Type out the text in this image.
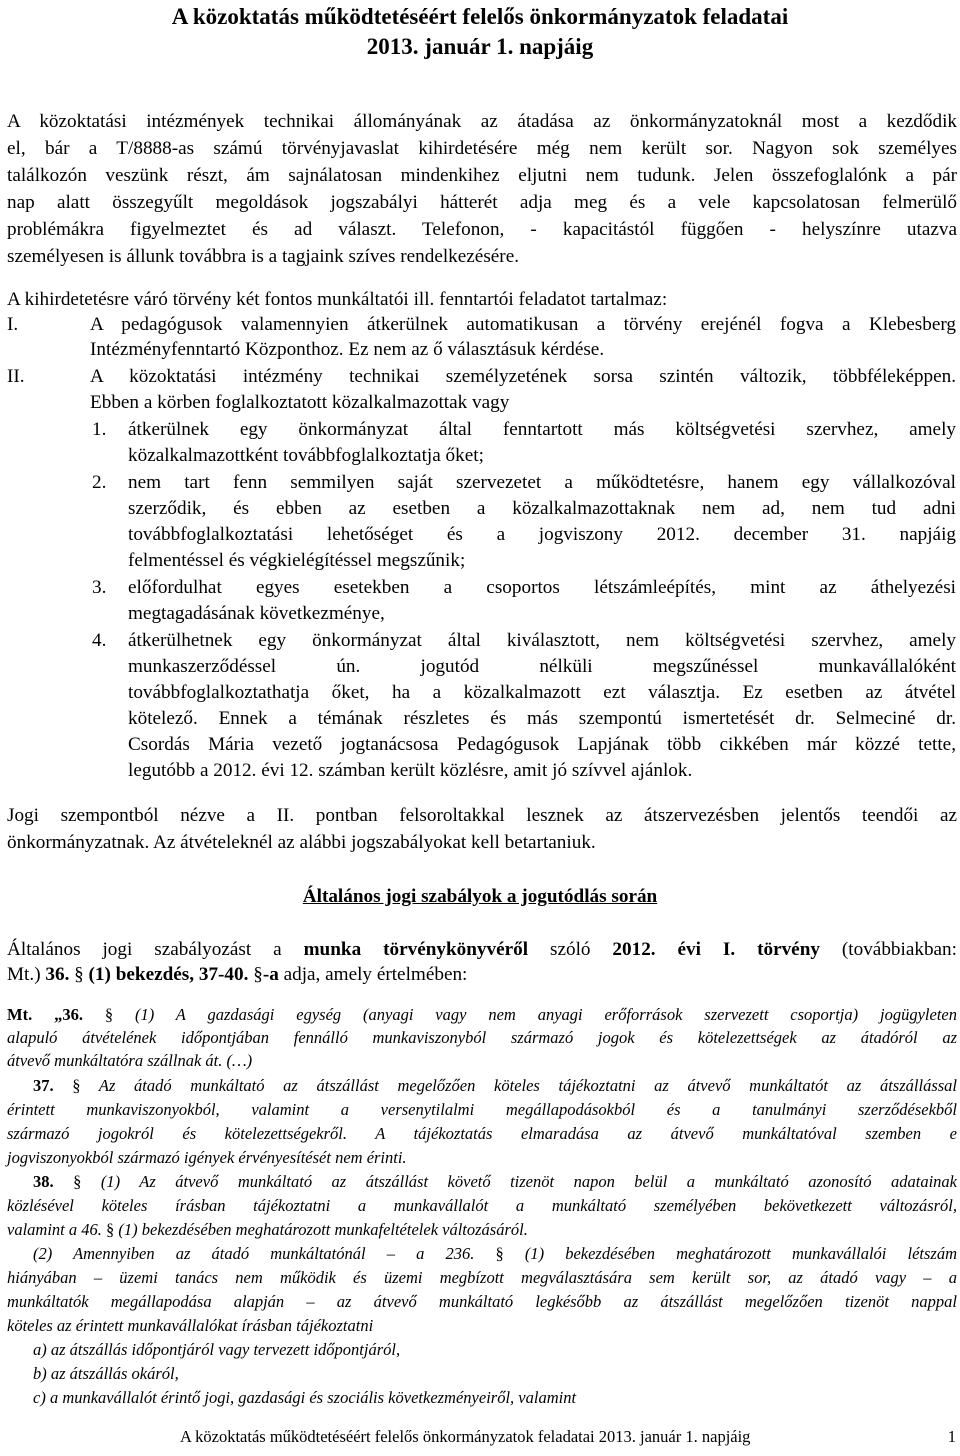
A közoktatás működtetéséért felelős önkormányzatok feladatai
2013. január 1. napjáig
A közoktatási intézmények technikai állományának az átadása az önkormányzatoknál most a kezdődik
el, bár a T/8888-as számú törvényjavaslat kihirdetésére még nem került sor. Nagyon sok személyes
találkozón veszünk részt, ám sajnálatosan mindenkihez eljutni nem tudunk. Jelen összefoglalónk a pár
nap alatt összegyűlt megoldások jogszabályi hátterét adja meg és a vele kapcsolatosan felmerülő
problémákra figyelmeztet és ad választ. Telefonon, - kapacitástól függően - helyszínre utazva
személyesen is állunk továbbra is a tagjaink szíves rendelkezésére.
A kihirdetetésre váró törvény két fontos munkáltatói ill. fenntartói feladatot tartalmaz:
I.	A pedagógusok valamennyien átkerülnek automatikusan a törvény erejénél fogva a Klebesberg
Intézményfenntartó Központhoz. Ez nem az ő választásuk kérdése.
II.	A közoktatási intézmény technikai személyzetének sorsa szintén változik, többféleképpen.
Ebben a körben foglalkoztatott közalkalmazottak vagy
1. átkerülnek egy önkormányzat által fenntartott más költségvetési szervhez, amely
közalkalmazottként továbbfoglalkoztatja őket;
2. nem tart fenn semmilyen saját szervezetet a működtetésre, hanem egy vállalkozóval
szerződik, és ebben az esetben a közalkalmazottaknak nem ad, nem tud adni
továbbfoglalkoztatási lehetőséget és a jogviszony 2012. december 31. napjáig
felmentéssel és végkielégítéssel megszűnik;
3. előfordulhat egyes esetekben a csoportos létszámleépítés, mint az áthelyezési
megtagadásának következménye,
4. átkerülhetnek egy önkormányzat által kiválasztott, nem költségvetési szervhez, amely
munkaszerződéssel ún. jogutód nélküli megszűnéssel munkavállalóként
továbbfoglalkoztathatja őket, ha a közalkalmazott ezt választja. Ez esetben az átvétel
kötelező. Ennek a témának részletes és más szempontú ismertetését dr. Selmeciné dr.
Csordás Mária vezető jogtanácsosa Pedagógusok Lapjának több cikkében már közzé tette,
legutóbb a 2012. évi 12. számban került közlésre, amit jó szívvel ajánlok.
Jogi szempontból nézve a II. pontban felsoroltakkal lesznek az átszervezésben jelentős teendői az
önkormányzatnak. Az átvételeknél az alábbi jogszabályokat kell betartaniuk.
Általános jogi szabályok a jogutódlás során
Általános jogi szabályozást a munka törvénykönyvéről szóló 2012. évi I. törvény (továbbiakban:
Mt.) 36. § (1) bekezdés, 37-40. §-a adja, amely értelmében:
Mt. „36. § (1) A gazdasági egység (anyagi vagy nem anyagi erőforrások szervezett csoportja) jogügyleten
alapuló átvételének időpontjában fennálló munkaviszonyból származó jogok és kötelezettségek az átadóról az
átvevő munkáltatóra szállnak át. (…)
37. § Az átadó munkáltató az átszállást megelőzően köteles tájékoztatni az átvevő munkáltatót az átszállással
érintett munkaviszonyokból, valamint a versenytilalmi megállapodásokból és a tanulmányi szerződésekből
származó jogokról és kötelezettségekről. A tájékoztatás elmaradása az átvevő munkáltatóval szemben e
jogviszonyokból származó igények érvényesítését nem érinti.
38. § (1) Az átvevő munkáltató az átszállást követő tizenöt napon belül a munkáltató azonosító adatainak
közlésével köteles írásban tájékoztatni a munkavállalót a munkáltató személyében bekövetkezett változásról,
valamint a 46. § (1) bekezdésében meghatározott munkafeltételek változásáról.
(2) Amennyiben az átadó munkáltatónál – a 236. § (1) bekezdésében meghatározott munkavállalói létszám
hiányában – üzemi tanács nem működik és üzemi megbízott megválasztására sem került sor, az átadó vagy – a
munkáltatók megállapodása alapján – az átvevő munkáltató legkésőbb az átszállást megelőzően tizenöt nappal
köteles az érintett munkavállalókat írásban tájékoztatni
a) az átszállás időpontjáról vagy tervezett időpontjáról,
b) az átszállás okáról,
c) a munkavállalót érintő jogi, gazdasági és szociális következményeiről, valamint
A közoktatás működtetéséért felelős önkormányzatok feladatai 2013. január 1. napjáig	1
